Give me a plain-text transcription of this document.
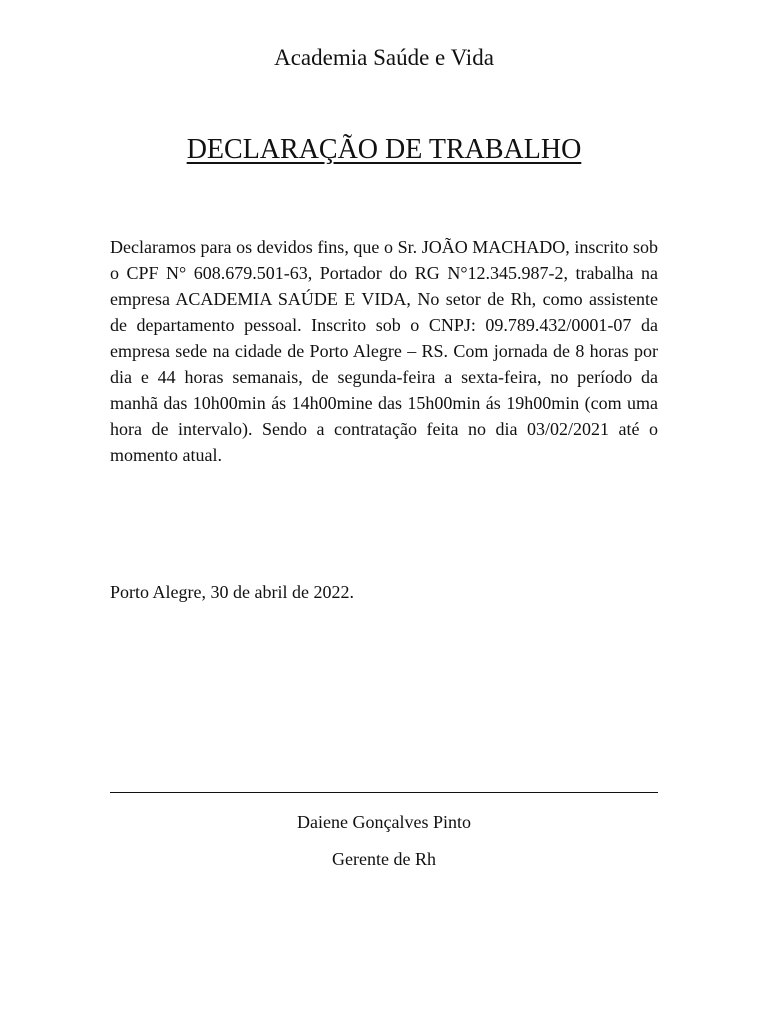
Academia Saúde e Vida
DECLARAÇÃO DE TRABALHO

Declaramos para os devidos fins, que o Sr. JOÃO MACHADO, inscrito sob o CPF N° 608.679.501-63, Portador do RG N°12.345.987-2, trabalha na empresa ACADEMIA SAÚDE E VIDA, No setor de Rh, como assistente de departamento pessoal. Inscrito sob o CNPJ: 09.789.432/0001-07 da empresa sede na cidade de Porto Alegre – RS. Com jornada de 8 horas por dia e 44 horas semanais, de segunda-feira a sexta-feira, no período da manhã das 10h00min ás 14h00mine das 15h00min ás 19h00min (com uma hora de intervalo). Sendo a contratação feita no dia 03/02/2021 até o momento atual.

Porto Alegre, 30 de abril de 2022.

Daiene Gonçalves Pinto

Gerente de Rh
